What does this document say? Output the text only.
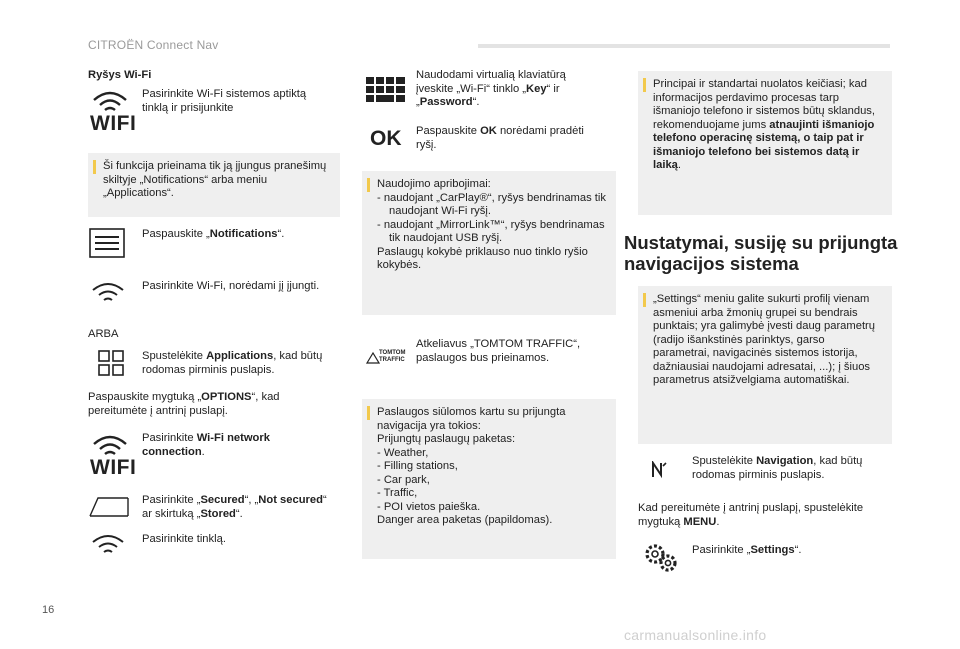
CITROËN Connect Nav
Ryšys Wi-Fi
WIFI
Pasirinkite Wi-Fi sistemos aptiktą tinklą ir prisijunkite
Ši funkcija prieinama tik ją įjungus pranešimų skiltyje „Notifications“ arba meniu „Applications“.
Paspauskite „Notifications“.
Pasirinkite Wi-Fi, norėdami jį įjungti.
ARBA
Spustelėkite Applications, kad būtų rodomas pirminis puslapis.
Paspauskite mygtuką „OPTIONS“, kad pereitumėte į antrinį puslapį.
WIFI
Pasirinkite Wi-Fi network connection.
Pasirinkite „Secured“, „Not secured“ ar skirtuką „Stored“.
Pasirinkite tinklą.
Naudodami virtualią klaviatūrą įveskite „Wi-Fi“ tinklo „Key“ ir „Password“.
OK Paspauskite OK norėdami pradėti ryšį.
Naudojimo apribojimai:
- naudojant „CarPlay®“, ryšys bendrinamas tik naudojant Wi-Fi ryšį.
- naudojant „MirrorLink™“, ryšys bendrinamas tik naudojant USB ryšį.
Paslaugų kokybė priklauso nuo tinklo ryšio kokybės.
TOMTOM
TRAFFIC
Atkeliavus „TOMTOM TRAFFIC“, paslaugos bus prieinamos.
Paslaugos siūlomos kartu su prijungta navigacija yra tokios:
Prijungtų paslaugų paketas:
- Weather,
- Filling stations,
- Car park,
- Traffic,
- POI vietos paieška.
Danger area paketas (papildomas).
Principai ir standartai nuolatos keičiasi; kad informacijos perdavimo procesas tarp išmaniojo telefono ir sistemos būtų sklandus, rekomenduojame jums atnaujinti išmaniojo telefono operacinę sistemą, o taip pat ir išmaniojo telefono bei sistemos datą ir laiką.
Nustatymai, susiję su prijungta navigacijos sistema
„Settings“ meniu galite sukurti profilį vienam asmeniui arba žmonių grupei su bendrais punktais; yra galimybė įvesti daug parametrų (radijo išankstinės parinktys, garso parametrai, navigacinės sistemos istorija, dažniausiai naudojami adresatai, ...); į šiuos parametrus atsižvelgiama automatiškai.
Spustelėkite Navigation, kad būtų rodomas pirminis puslapis.
Kad pereitumėte į antrinį puslapį, spustelėkite mygtuką MENU.
Pasirinkite „Settings“.
16
carmanualsonline.info
